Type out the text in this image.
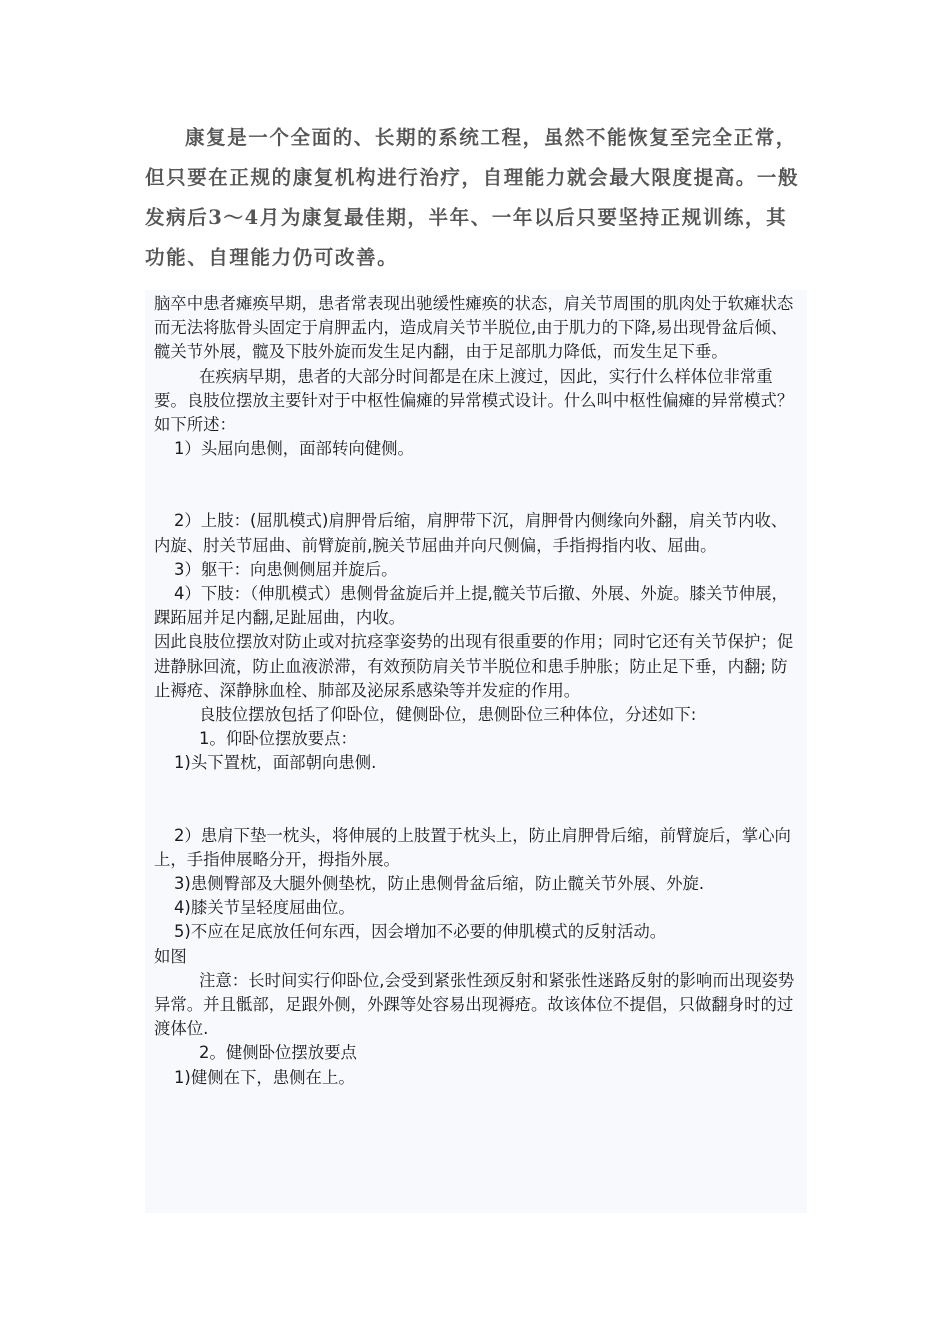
康复是一个全面的、长期的系统工程，虽然不能恢复至完全正常，但只要在正规的康复机构进行治疗，自理能力就会最大限度提高。一般发病后3～4月为康复最佳期，半年、一年以后只要坚持正规训练，其功能、自理能力仍可改善。

脑卒中患者瘫痪早期，患者常表现出驰缓性瘫痪的状态，肩关节周围的肌肉处于软瘫状态而无法将肱骨头固定于肩胛盂内，造成肩关节半脱位,由于肌力的下降,易出现骨盆后倾、髋关节外展，髋及下肢外旋而发生足内翻，由于足部肌力降低，而发生足下垂。

在疾病早期，患者的大部分时间都是在床上渡过，因此，实行什么样体位非常重要。良肢位摆放主要针对于中枢性偏瘫的异常模式设计。什么叫中枢性偏瘫的异常模式？如下所述：

1）头屈向患侧，面部转向健侧。

2）上肢：(屈肌模式)肩胛骨后缩，肩胛带下沉，肩胛骨内侧缘向外翻，肩关节内收、内旋、肘关节屈曲、前臂旋前,腕关节屈曲并向尺侧偏，手指拇指内收、屈曲。

3）躯干：向患侧侧屈并旋后。

4）下肢：（伸肌模式）患侧骨盆旋后并上提,髋关节后撤、外展、外旋。膝关节伸展，踝跖屈并足内翻,足趾屈曲，内收。

因此良肢位摆放对防止或对抗痉挛姿势的出现有很重要的作用；同时它还有关节保护；促进静脉回流，防止血液淤滞，有效预防肩关节半脱位和患手肿胀；防止足下垂，内翻; 防止褥疮、深静脉血栓、肺部及泌尿系感染等并发症的作用。

良肢位摆放包括了仰卧位，健侧卧位，患侧卧位三种体位，分述如下:

1。仰卧位摆放要点：

1)头下置枕，面部朝向患侧.

2）患肩下垫一枕头，将伸展的上肢置于枕头上，防止肩胛骨后缩，前臂旋后，掌心向上，手指伸展略分开，拇指外展。

3)患侧臀部及大腿外侧垫枕，防止患侧骨盆后缩，防止髋关节外展、外旋.

4)膝关节呈轻度屈曲位。

5)不应在足底放任何东西，因会增加不必要的伸肌模式的反射活动。

如图

注意：长时间实行仰卧位,会受到紧张性颈反射和紧张性迷路反射的影响而出现姿势异常。并且骶部，足跟外侧，外踝等处容易出现褥疮。故该体位不提倡，只做翻身时的过渡体位.

2。健侧卧位摆放要点

1)健侧在下，患侧在上。
